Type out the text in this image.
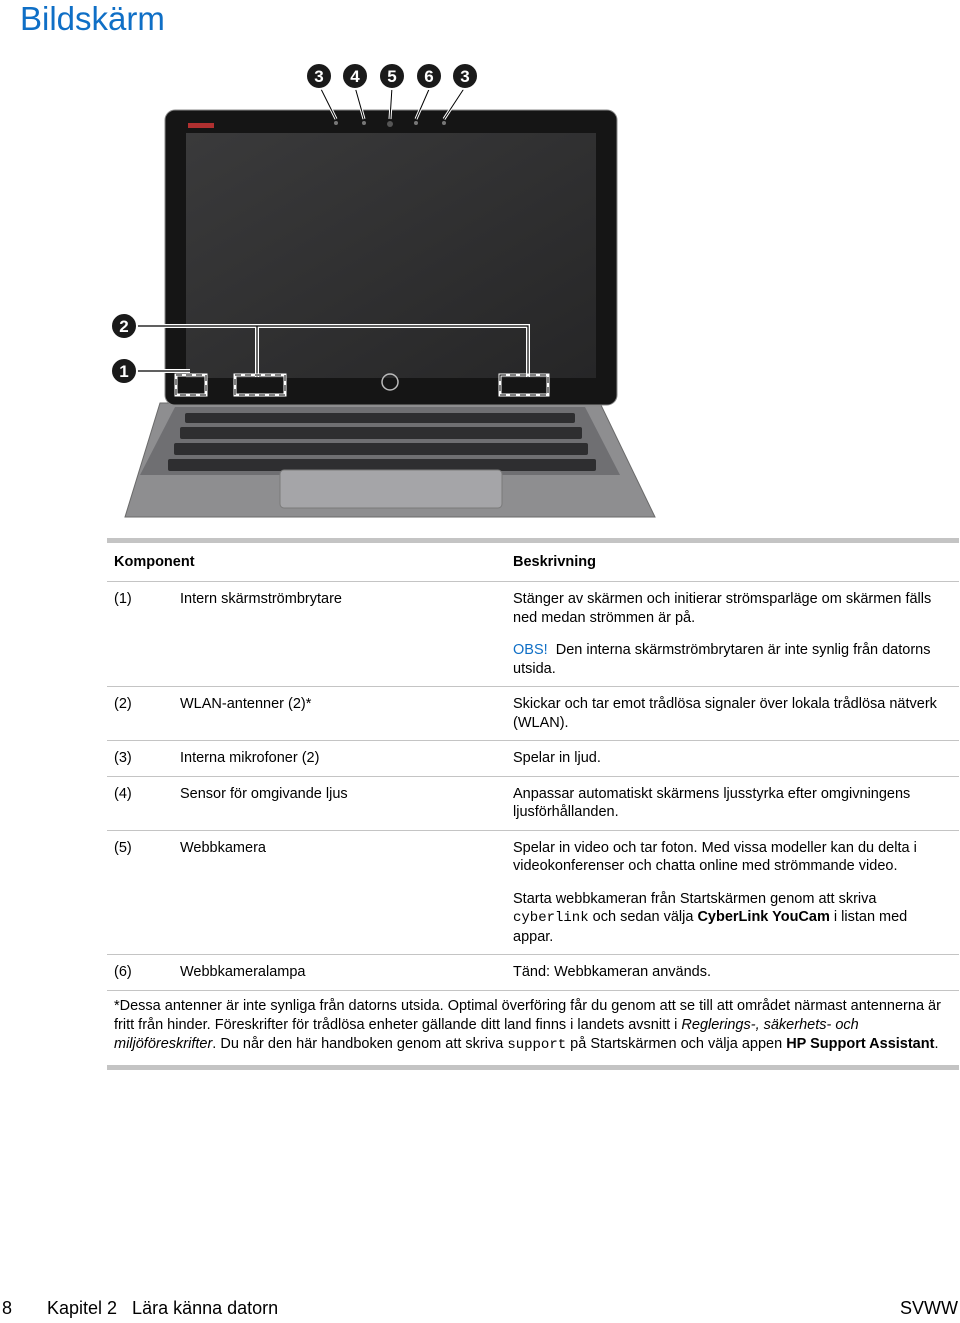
Bildskärm
3 4 5 6 3
2
1
Komponent	Beskrivning
(1)	Intern skärmströmbrytare	Stänger av skärmen och initierar strömsparläge om skärmen fälls ned medan strömmen är på.

OBS! Den interna skärmströmbrytaren är inte synlig från datorns utsida.

(2)	WLAN-antenner (2)*	Skickar och tar emot trådlösa signaler över lokala trådlösa nätverk (WLAN).
(3)	Interna mikrofoner (2)	Spelar in ljud.
(4)	Sensor för omgivande ljus	Anpassar automatiskt skärmens ljusstyrka efter omgivningens ljusförhållanden.
(5)	Webbkamera	Spelar in video och tar foton. Med vissa modeller kan du delta i videokonferenser och chatta online med strömmande video.

Starta webbkameran från Startskärmen genom att skriva cyberlink och sedan välja CyberLink YouCam i listan med appar.

(6)	Webbkameralampa	Tänd: Webbkameran används.
*Dessa antenner är inte synliga från datorns utsida. Optimal överföring får du genom att se till att området närmast antennerna är fritt från hinder. Föreskrifter för trådlösa enheter gällande ditt land finns i landets avsnitt i Reglerings-, säkerhets- och miljöföreskrifter. Du når den här handboken genom att skriva support på Startskärmen och välja appen HP Support Assistant.
8 Kapitel 2   Lära känna datorn	SVWW
